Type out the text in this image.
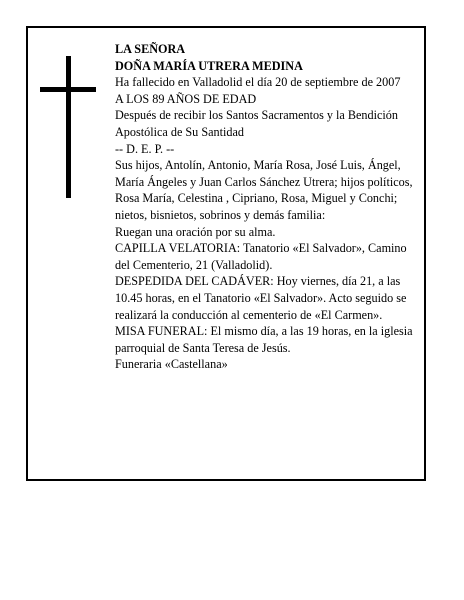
LA SEÑORA

DOÑA MARÍA UTRERA MEDINA

Ha fallecido en Valladolid el día 20 de septiembre de 2007

A LOS 89 AÑOS DE EDAD

Después de recibir los Santos Sacramentos y la Bendición Apostólica de Su Santidad

-- D. E. P. --

Sus hijos, Antolín, Antonio, María Rosa, José Luis, Ángel, María Ángeles y Juan Carlos Sánchez Utrera; hijos políticos, Rosa María, Celestina , Cipriano, Rosa, Miguel y Conchi; nietos, bisnietos, sobrinos y demás familia:

Ruegan una oración por su alma.

CAPILLA VELATORIA: Tanatorio «El Salvador», Camino del Cementerio, 21 (Valladolid).

DESPEDIDA DEL CADÁVER: Hoy viernes, día 21, a las 10.45 horas, en el Tanatorio «El Salvador». Acto seguido se realizará la conducción al cementerio de «El Carmen».

MISA FUNERAL: El mismo día, a las 19 horas, en la iglesia parroquial de Santa Teresa de Jesús.

Funeraria «Castellana»
